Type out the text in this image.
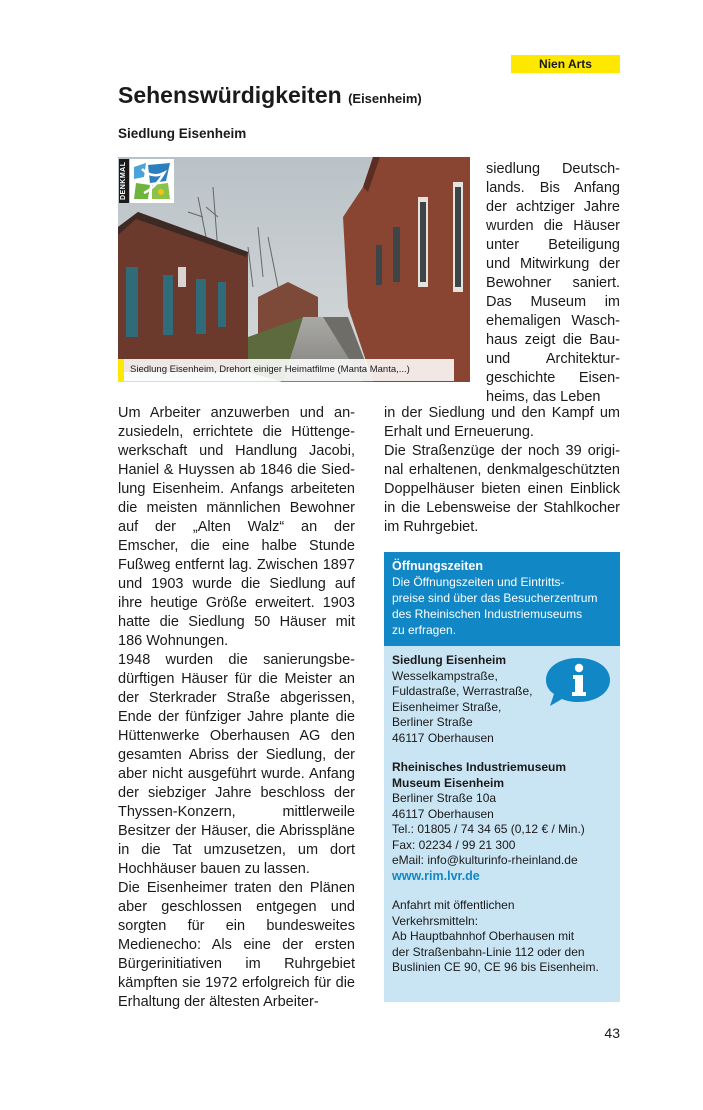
Nien Arts
Sehenswürdigkeiten (Eisenheim)
Siedlung Eisenheim
DENKMAL
Siedlung Eisenheim, Drehort einiger Heimatfilme (Manta Manta,...)

siedlung Deutschlands. Bis Anfang der achtziger Jahre wurden die Häuser unter Beteiligung und Mitwirkung der Bewohner saniert. Das Museum im ehemaligen Waschhaus zeigt die Bau- und Architekturgeschichte Eisenheims, das Leben

Um Arbeiter anzuwerben und anzusiedeln, errichtete die Hüttengewerkschaft und Handlung Jacobi, Haniel & Huyssen ab 1846 die Siedlung Eisenheim. Anfangs arbeiteten die meisten männlichen Bewohner auf der „Alten Walz“ an der Emscher, die eine halbe Stunde Fußweg entfernt lag. Zwischen 1897 und 1903 wurde die Siedlung auf ihre heutige Größe erweitert. 1903 hatte die Siedlung 50 Häuser mit 186 Wohnungen.

1948 wurden die sanierungsbedürftigen Häuser für die Meister an der Sterkrader Straße abgerissen, Ende der fünfziger Jahre plante die Hüttenwerke Oberhausen AG den gesamten Abriss der Siedlung, der aber nicht ausgeführt wurde. Anfang der siebziger Jahre beschloss der Thyssen-Konzern, mittlerweile Besitzer der Häuser, die Abrisspläne in die Tat umzusetzen, um dort Hochhäuser bauen zu lassen.

Die Eisenheimer traten den Plänen aber geschlossen entgegen und sorgten für ein bundesweites Medienecho: Als eine der ersten Bürgerinitiativen im Ruhrgebiet kämpften sie 1972 erfolgreich für die Erhaltung der ältesten Arbeiter-

in der Siedlung und den Kampf um Erhalt und Erneuerung.

Die Straßenzüge der noch 39 original erhaltenen, denkmalgeschützten Doppelhäuser bieten einen Einblick in die Lebensweise der Stahlkocher im Ruhrgebiet.

Öffnungszeiten
Die Öffnungszeiten und Eintritts-
preise sind über das Besucherzentrum
des Rheinischen Industriemuseums
zu erfragen.
Siedlung Eisenheim
Wesselkampstraße,
Fuldastraße, Werrastraße,
Eisenheimer Straße,
Berliner Straße
46117 Oberhausen
Rheinisches Industriemuseum
Museum Eisenheim
Berliner Straße 10a
46117 Oberhausen
Tel.: 01805 / 74 34 65 (0,12 € / Min.)
Fax: 02234 / 99 21 300
eMail: info@kulturinfo-rheinland.de
www.rim.lvr.de
Anfahrt mit öffentlichen
Verkehrsmitteln:
Ab Hauptbahnhof Oberhausen mit
der Straßenbahn-Linie 112 oder den
Buslinien CE 90, CE 96 bis Eisenheim.
43
